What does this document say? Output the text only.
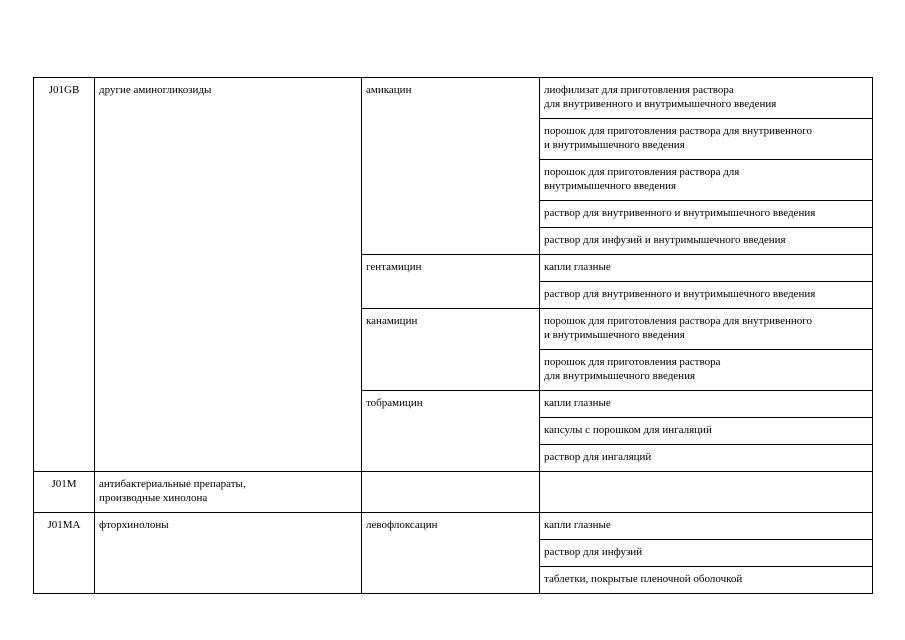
J01GB	другие аминогликозиды	амикацин	лиофилизат для приготовления раствора
для внутривенного и внутримышечного введения

			порошок для приготовления раствора для внутривенного
и внутримышечного введения

			порошок для приготовления раствора для
внутримышечного введения

			раствор для внутривенного и внутримышечного введения

			раствор для инфузий и внутримышечного введения

		гентамицин	капли глазные

			раствор для внутривенного и внутримышечного введения

		канамицин	порошок для приготовления раствора для внутривенного
и внутримышечного введения

			порошок для приготовления раствора
для внутримышечного введения

		тобрамицин	капли глазные

			капсулы с порошком для ингаляций

			раствор для ингаляций

J01M	антибактериальные препараты,
производные хинолона		

J01MA	фторхинолоны	левофлоксацин	капли глазные

			раствор для инфузий

			таблетки, покрытые пленочной оболочкой
